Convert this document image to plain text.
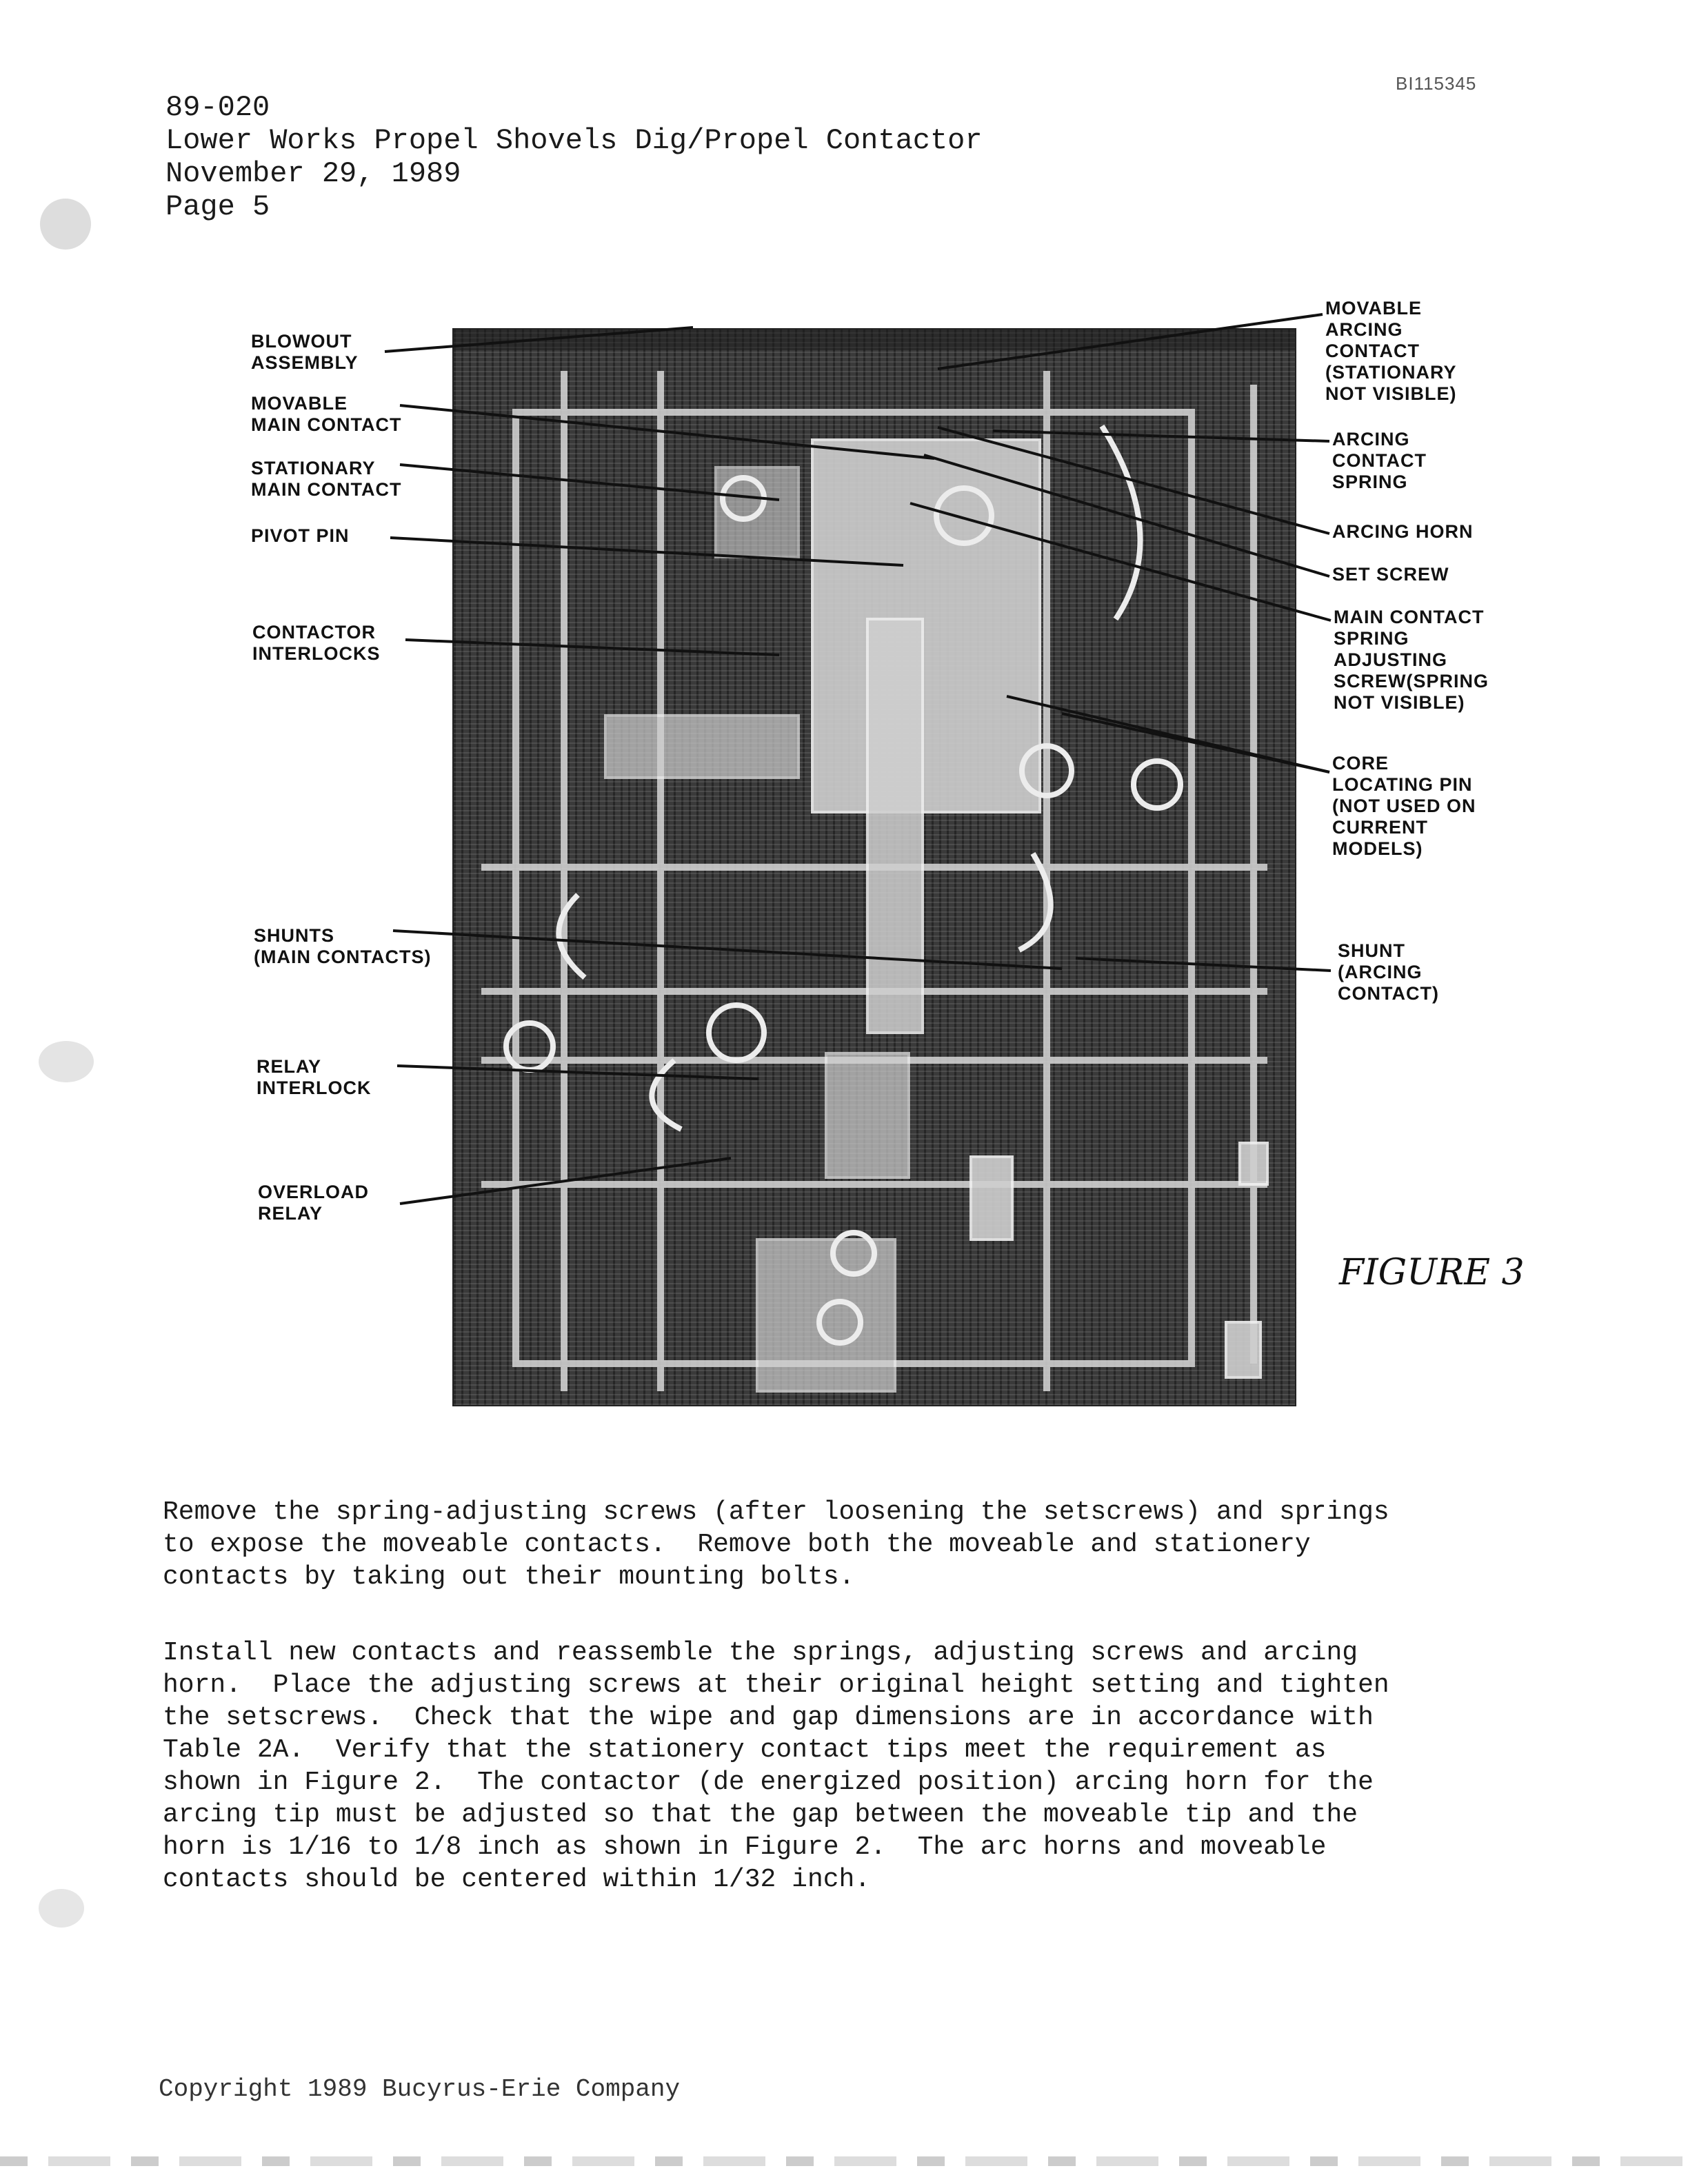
BI115345
89-020
Lower Works Propel Shovels Dig/Propel Contactor
November 29, 1989
Page 5
BLOWOUT
ASSEMBLY
MOVABLE
MAIN CONTACT
STATIONARY
MAIN CONTACT
PIVOT PIN
CONTACTOR
INTERLOCKS
SHUNTS
(MAIN CONTACTS)
RELAY
INTERLOCK
OVERLOAD
RELAY
MOVABLE
ARCING
CONTACT
(STATIONARY
NOT VISIBLE)
ARCING
CONTACT
SPRING
ARCING HORN
SET SCREW
MAIN CONTACT
SPRING
ADJUSTING
SCREW(SPRING
NOT VISIBLE)
CORE
LOCATING PIN
(NOT USED ON
CURRENT
MODELS)
SHUNT
(ARCING
CONTACT)
FIGURE 3
Remove the spring-adjusting screws (after loosening the setscrews) and springs
to expose the moveable contacts.  Remove both the moveable and stationery
contacts by taking out their mounting bolts.
Install new contacts and reassemble the springs, adjusting screws and arcing
horn.  Place the adjusting screws at their original height setting and tighten
the setscrews.  Check that the wipe and gap dimensions are in accordance with
Table 2A.  Verify that the stationery contact tips meet the requirement as
shown in Figure 2.  The contactor (de energized position) arcing horn for the
arcing tip must be adjusted so that the gap between the moveable tip and the
horn is 1/16 to 1/8 inch as shown in Figure 2.  The arc horns and moveable
contacts should be centered within 1/32 inch.
Copyright 1989 Bucyrus-Erie Company
